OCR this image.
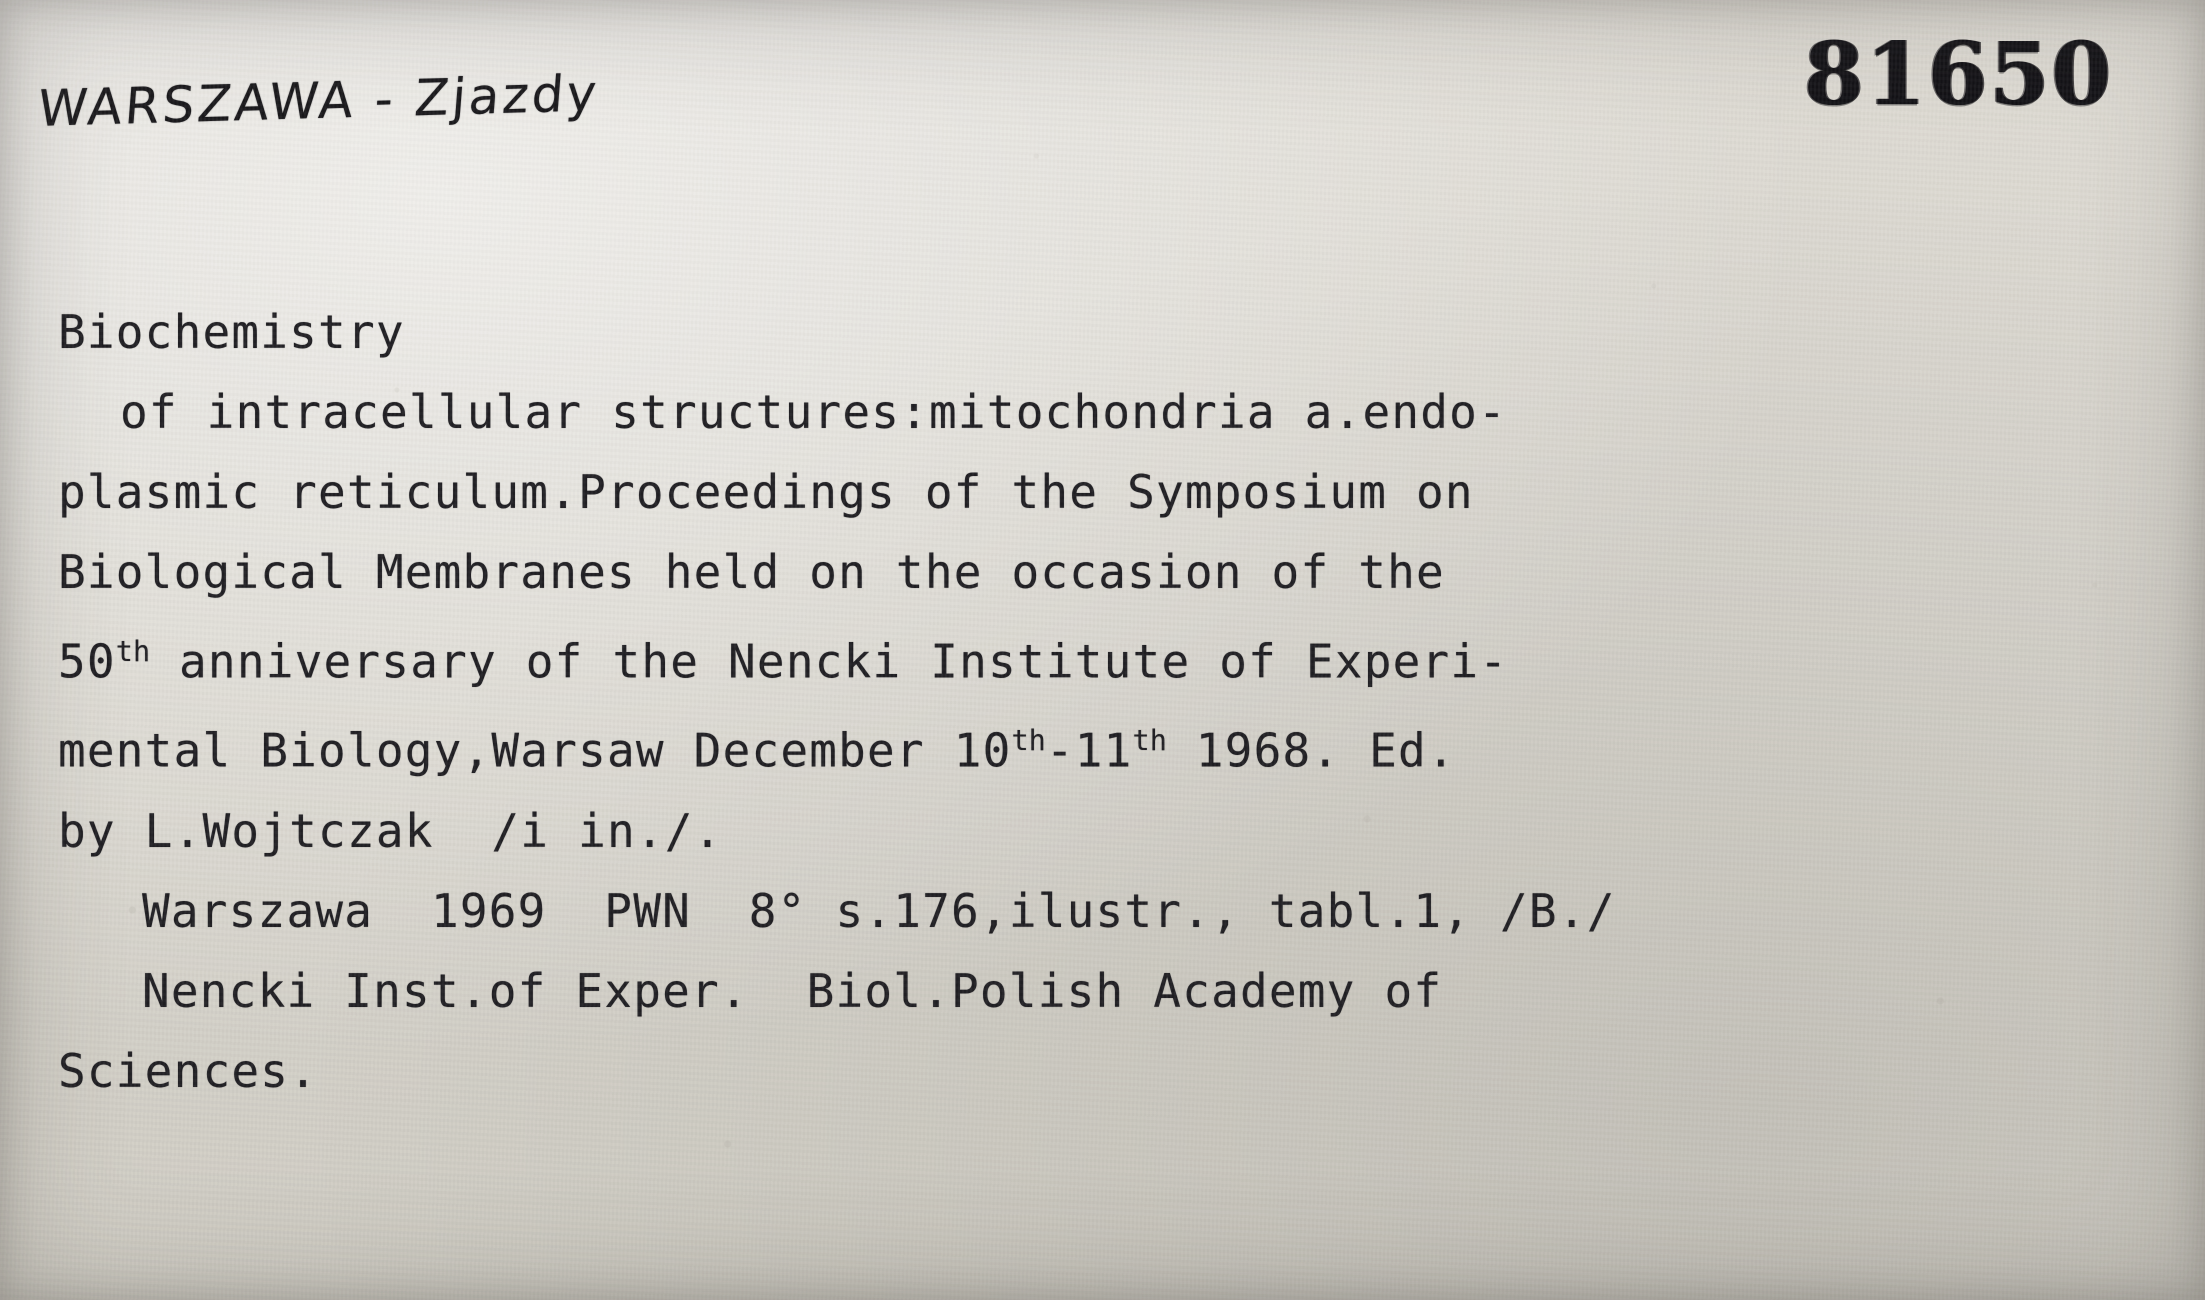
WARSZAWA - Zjazdy	81650
Biochemistry
of intracellular structures:mitochondria a.endo-
plasmic reticulum.Proceedings of the Symposium on
Biological Membranes held on the occasion of the
50th anniversary of the Nencki Institute of Experi-
mental Biology,Warsaw December 10th-11th 1968. Ed.
by L.Wojtczak  /i in./.
Warszawa  1969  PWN  8° s.176,ilustr., tabl.1, /B./
Nencki Inst.of Exper.  Biol.Polish Academy of
Sciences.
